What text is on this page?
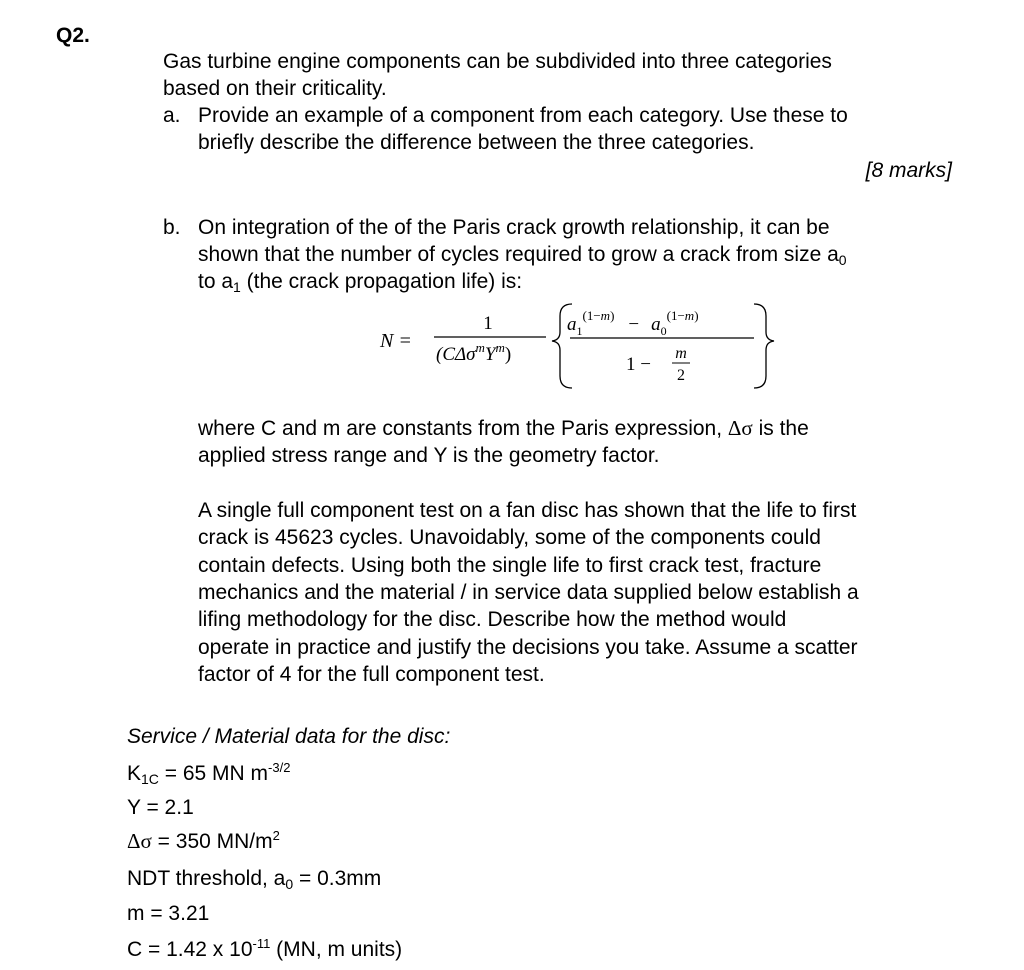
Q2.
Gas turbine engine components can be subdivided into three categories
based on their criticality.
a. Provide an example of a component from each category. Use these to
briefly describe the difference between the three categories.
[8 marks]
b. On integration of the of the Paris crack growth relationship, it can be
shown that the number of cycles required to grow a crack from size a0
to a1 (the crack propagation life) is:
N =
1
$(C\Delta\sigma^mY^m)$
$a_1^{(1-}m) - a_0^{(1-}m$)
1 −
m
2
where C and m are constants from the Paris expression, Δσ is the
applied stress range and Y is the geometry factor.
A single full component test on a fan disc has shown that the life to first
crack is 45623 cycles. Unavoidably, some of the components could
contain defects. Using both the single life to first crack test, fracture
mechanics and the material / in service data supplied below establish a
lifing methodology for the disc. Describe how the method would
operate in practice and justify the decisions you take. Assume a scatter
factor of 4 for the full component test.
Service / Material data for the disc:
K1C = 65 MN $m^{-3/2}$
Y = 2.1
Δσ = 350 $MN/m^2$
NDT threshold, a0 = 0.3mm
m = 3.21
C = 1.42 x $10^{-11}$ (MN, m units)
